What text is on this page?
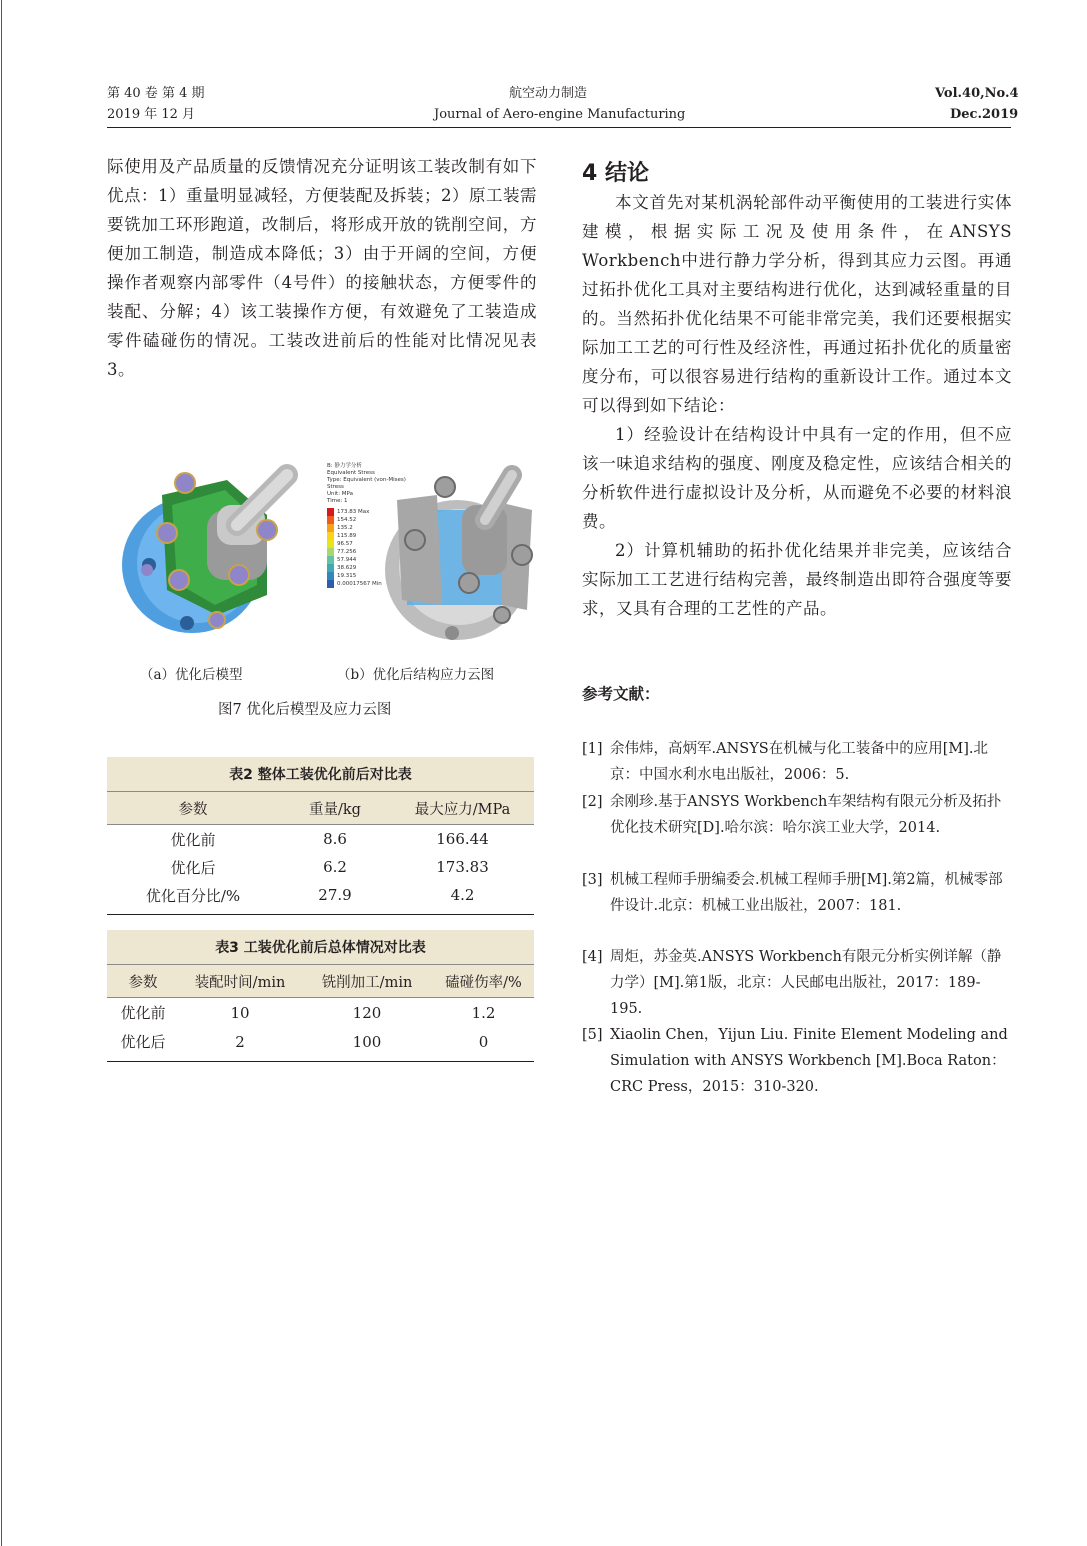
第 40 卷 第 4 期
2019 年 12 月
航空动力制造
Journal of Aero-engine Manufacturing
Vol.40,No.4
Dec.2019

际使用及产品质量的反馈情况充分证明该工装改制有如下优点：1）重量明显减轻，方便装配及拆装；2）原工装需要铣加工环形跑道，改制后，将形成开放的铣削空间，方便加工制造，制造成本降低；3）由于开阔的空间，方便操作者观察内部零件（4号件）的接触状态，方便零件的装配、分解；4）该工装操作方便，有效避免了工装造成零件磕碰伤的情况。工装改进前后的性能对比情况见表3。

B: 静力学分析
Equivalent Stress
Type: Equivalent (von-Mises) Stress
Unit: MPa
Time: 1
173.83 Max
154.52
135.2
115.89
96.57
77.256
57.944
38.629
19.315
0.00017567 Min
（a）优化后模型	（b）优化后结构应力云图
图7 优化后模型及应力云图
表2 整体工装优化前后对比表		
参数	重量/kg	最大应力/MPa
优化前	8.6	166.44
优化后	6.2	173.83
优化百分比/%	27.9	4.2
表3 工装优化前后总体情况对比表			
参数	装配时间/min	铣削加工/min	磕碰伤率/%
优化前	10	120	1.2
优化后	2	100	0
4 结论

本文首先对某机涡轮部件动平衡使用的工装进行实体建模，根据实际工况及使用条件，在ANSYS Workbench中进行静力学分析，得到其应力云图。再通过拓扑优化工具对主要结构进行优化，达到减轻重量的目的。当然拓扑优化结果不可能非常完美，我们还要根据实际加工工艺的可行性及经济性，再通过拓扑优化的质量密度分布，可以很容易进行结构的重新设计工作。通过本文可以得到如下结论：

1）经验设计在结构设计中具有一定的作用，但不应该一味追求结构的强度、刚度及稳定性，应该结合相关的分析软件进行虚拟设计及分析，从而避免不必要的材料浪费。

2）计算机辅助的拓扑优化结果并非完美，应该结合实际加工工艺进行结构完善，最终制造出即符合强度等要求，又具有合理的工艺性的产品。

参考文献：
[1] 余伟炜，高炳军.ANSYS在机械与化工装备中的应用[M].北京：中国水利水电出版社，2006：5.
[2] 余刚珍.基于ANSYS Workbench车架结构有限元分析及拓扑优化技术研究[D].哈尔滨：哈尔滨工业大学，2014.
[3] 机械工程师手册编委会.机械工程师手册[M].第2篇，机械零部件设计.北京：机械工业出版社，2007：181.
[4] 周炬，苏金英.ANSYS Workbench有限元分析实例详解（静力学）[M].第1版，北京：人民邮电出版社，2017：189-195.
[5] Xiaolin Chen，Yijun Liu. Finite Element Modeling and Simulation with ANSYS Workbench [M].Boca Raton：CRC Press，2015：310-320.
